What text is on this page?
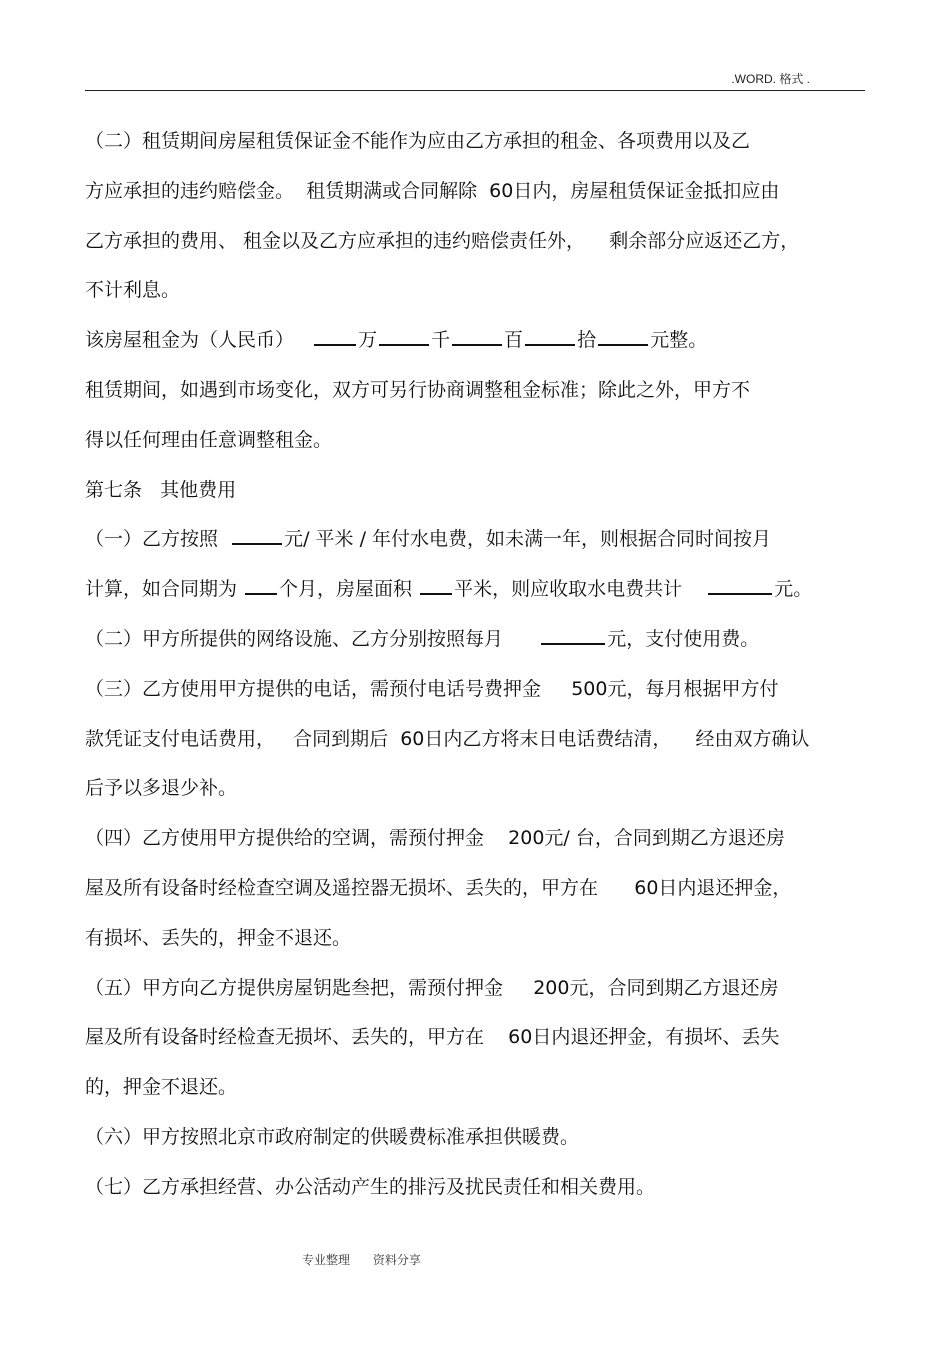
.WORD. 格式 .
（二）租赁期间房屋租赁保证金不能作为应由乙方承担的租金、各项费用以及乙
方应承担的违约赔偿金。  租赁期满或合同解除  60日内，房屋租赁保证金抵扣应由
乙方承担的费用、 租金以及乙方应承担的违约赔偿责任外，    剩余部分应返还乙方，
不计利息。
该房屋租金为（人民币）   万	千	百	拾	元整。
租赁期间，如遇到市场变化，双方可另行协商调整租金标准；除此之外，甲方不
得以任何理由任意调整租金。
第七条   其他费用
（一）乙方按照	元/ 平米 / 年付水电费，如未满一年，则根据合同时间按月
计算，如合同期为 个月，房屋面积 平米，则应收取水电费共计	元。
（二）甲方所提供的网络设施、乙方分别按照每月	元，支付使用费。
（三）乙方使用甲方提供的电话，需预付电话号费押金     500元，每月根据甲方付
款凭证支付电话费用，   合同到期后  60日内乙方将末日电话费结清，    经由双方确认
后予以多退少补。
（四）乙方使用甲方提供给的空调，需预付押金    200元/ 台，合同到期乙方退还房
屋及所有设备时经检查空调及遥控器无损坏、丢失的，甲方在      60日内退还押金，
有损坏、丢失的，押金不退还。
（五）甲方向乙方提供房屋钥匙叁把，需预付押金     200元，合同到期乙方退还房
屋及所有设备时经检查无损坏、丢失的，甲方在    60日内退还押金，有损坏、丢失
的，押金不退还。
（六）甲方按照北京市政府制定的供暖费标准承担供暖费。
（七）乙方承担经营、办公活动产生的排污及扰民责任和相关费用。
专业整理 资料分享
